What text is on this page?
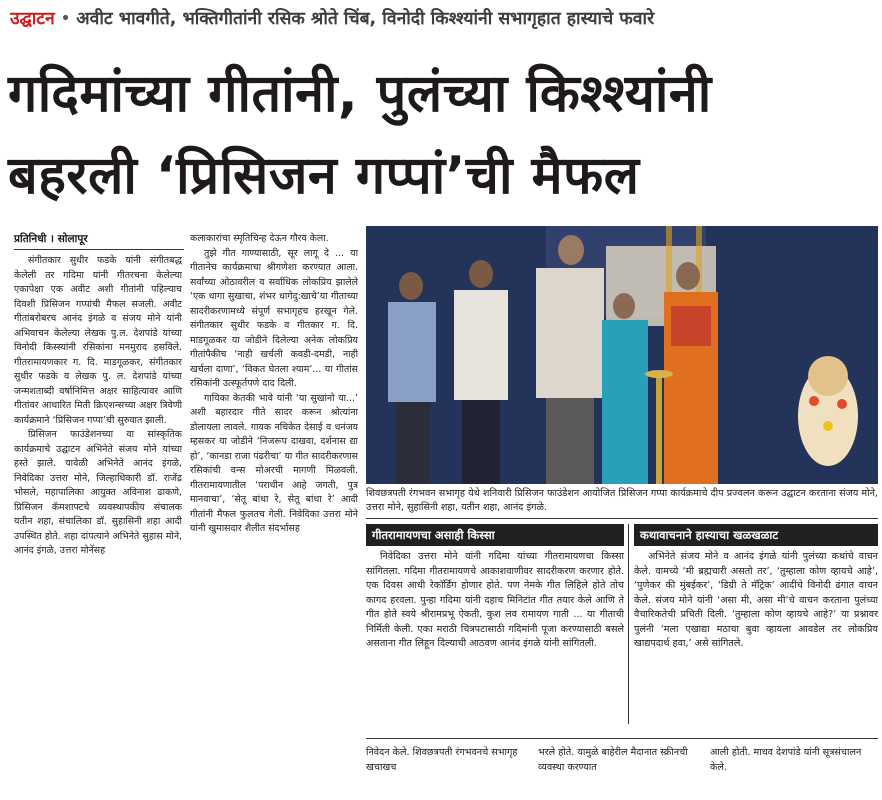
उद्घाटन • अवीट भावगीते, भक्तिगीतांनी रसिक श्रोते चिंब, विनोदी किश्श्यांनी सभागृहात हास्याचे फवारे
गदिमांच्या गीतांनी, पुलंच्या किश्श्यांनी
बहरली ‘प्रिसिजन गप्पां’ची मैफल
प्रतिनिधी । सोलापूर

संगीतकार सुधीर फडके यांनी संगीतबद्ध केलेली तर गदिमा यांनी गीतरचना केलेल्या एकापेक्षा एक अवीट अशी गीतांनी पहिल्याच दिवशी प्रिसिजन गप्पांची मैफल सजली. अवीट गीतांबरोबरच आनंद इंगळे व संजय मोने यांनी अभिवाचन केलेल्या लेखक पु.ल. देशपांडे यांच्या विनोदी किस्स्यांनी रसिकांना मनमुराद हसविले. गीतरामायणकार ग. दि. माडगूळकर, संगीतकार सुधीर फडके व लेखक पु. ल. देशपांडे यांच्या जन्मशताब्दी वर्षानिमित्त अक्षर साहित्यावर आणि गीतांवर आधारित मिती क्रिएशन्सच्या अक्षर त्रिवेणी कार्यक्रमाने ‘प्रिसिजन गप्पा’ची सुरुवात झाली.

प्रिसिजन फाउंडेशनच्या वा सांस्कृतिक कार्यक्रमाचे उद्घाटन अभिनेते संजय मोने यांच्या हस्ते झाले. यावेळी अभिनेते आनंद इंगळे, निवेदिका उत्तरा मोने, जिल्हाधिकारी डॉ. राजेंद्र भोसले, महापालिका आयुक्त अविनाश ढाकणे, प्रिसिजन कॅमशाफ्टचे व्यवस्थापकीय संचालक यतीन शहा, संचालिका डॉ. सुहासिनी शहा आदी उपस्थित होते. शहा दांपत्याने अभिनेते सुहास मोने, आनंद इंगळे, उत्तरा मोनेंसह

कलाकारांचा स्मृतिचिन्ह देऊन गौरव केला.

तुझे गीत गाण्यासाठी, सूर लागू दे ... या गीतानेच कार्यक्रमाचा श्रीगणेशा करण्यात आला. सर्वांच्या ओठावरील व सर्वाधिक लोकप्रिय झालेले ‘एक धागा सुखाचा, शंभर धागेदु:खाचे’या गीताच्या सादरीकरणामध्ये संपूर्ण सभागृहच हरखून गेले. संगीतकार सुधीर फडके व गीतकार ग. दि. माडगूळकर या जोडीने दिलेल्या अनेक लोकप्रिय गीतांपैकीच ‘नाही खर्चली कवडी-दमडी, नाही खर्चला दाणा’, ‘विकत घेतला श्याम’... या गीतांस रसिकांनी उत्स्फूर्तपणे दाद दिली.

गायिका केतकी भावे यांनी ‘या सुखांनो या...’ अशी बहारदार गीते सादर करून श्रोत्यांना डोलायला लावले. गायक नचिकेत देसाई व धनंजय म्हसकर या जोडीने ‘निजरूप दाखवा, दर्शनास द्या हो’, ‘कानडा राजा पंढरीचा’ या गीत सादरीकरणास रसिकांची वन्स मोअरची मागणी मिळवली. गीतरामायणातील ‘पराधीन आहे जगती, पुत्र मानवाचा’, ‘सेतू बांधा रे, सेतू बांधा रे’ आदी गीतांनी मैफल फुलतच गेली. निवेदिका उत्तरा मोने यांनी खुमासदार शैलीत संदर्भासह

शिवछत्रपती रंगभवन सभागृह येथे शनिवारी प्रिसिजन फाउंडेशन आयोजित प्रिसिजन गप्पा कार्यक्रमाचे दीप प्रज्वलन करून उद्घाटन करताना संजय मोने, उत्तरा मोने, सुहासिनी शहा, यतीन शहा, आनंद इंगळे.
गीतरामायणचा असाही किस्सा

निवेदिका उत्तरा मोने यांनी गदिमा यांच्या गीतरामायणचा किस्सा सांगितला. गदिमा गीतरामायणचे आकाशवाणीवर सादरीकरण करणार होते. एक दिवस आधी रेकॉर्डिंग होणार होते. पण नेमके गीत लिहिले होते तोच कागद हरवला. पुन्हा गदिमा यांनी दहाच मिनिटांत गीत तयार केले आणि ते गीत होते स्वये श्रीरामप्रभू ऐकती, कुश लव रामायण गाती ... या गीताची निर्मिती केली. एका मराठी चित्रपटासाठी गदिमांनी पूजा करण्यासाठी बसले असताना गीत लिहून दिल्याची आठवण आनंद इंगळे यांनी सांगितली.

कथावाचनाने हास्याचा खळखळाट

अभिनेते संजय मोने व आनंद इंगळे यांनी पुलंच्या कथांचे वाचन केले. वामच्ये ‘मी ब्रह्मचारी असतो तर’, ‘तुम्हाला कोण व्हायचे आहे’, ‘पुणेकर की मुंबईकर’, ‘डिग्री ते मॅट्रिक’ आदींचे विनोदी ढंगात वाचन केले. संजय मोने यांनी ‘असा मी, असा मी’चे वाचन करताना पुलंच्या वैचारिकतेची प्रचिती दिली. ‘तुम्हाला कोण व्हायचे आहे?’ या प्रश्नावर पुलंनी ‘मला एखाद्या मठाचा बुवा व्हायला आवडेल तर लोकप्रिय खाद्यपदार्थ हवा,’ असे सांगितले.

निवेदन केले. शिवछत्रपती रंगभवनचे सभागृह खचाखच
भरले होते. यामुळे बाहेरील मैदानात स्क्रीनची व्यवस्था करण्यात
आली होती. माधव देशपांडे यांनी सूत्रसंचालन केले.
